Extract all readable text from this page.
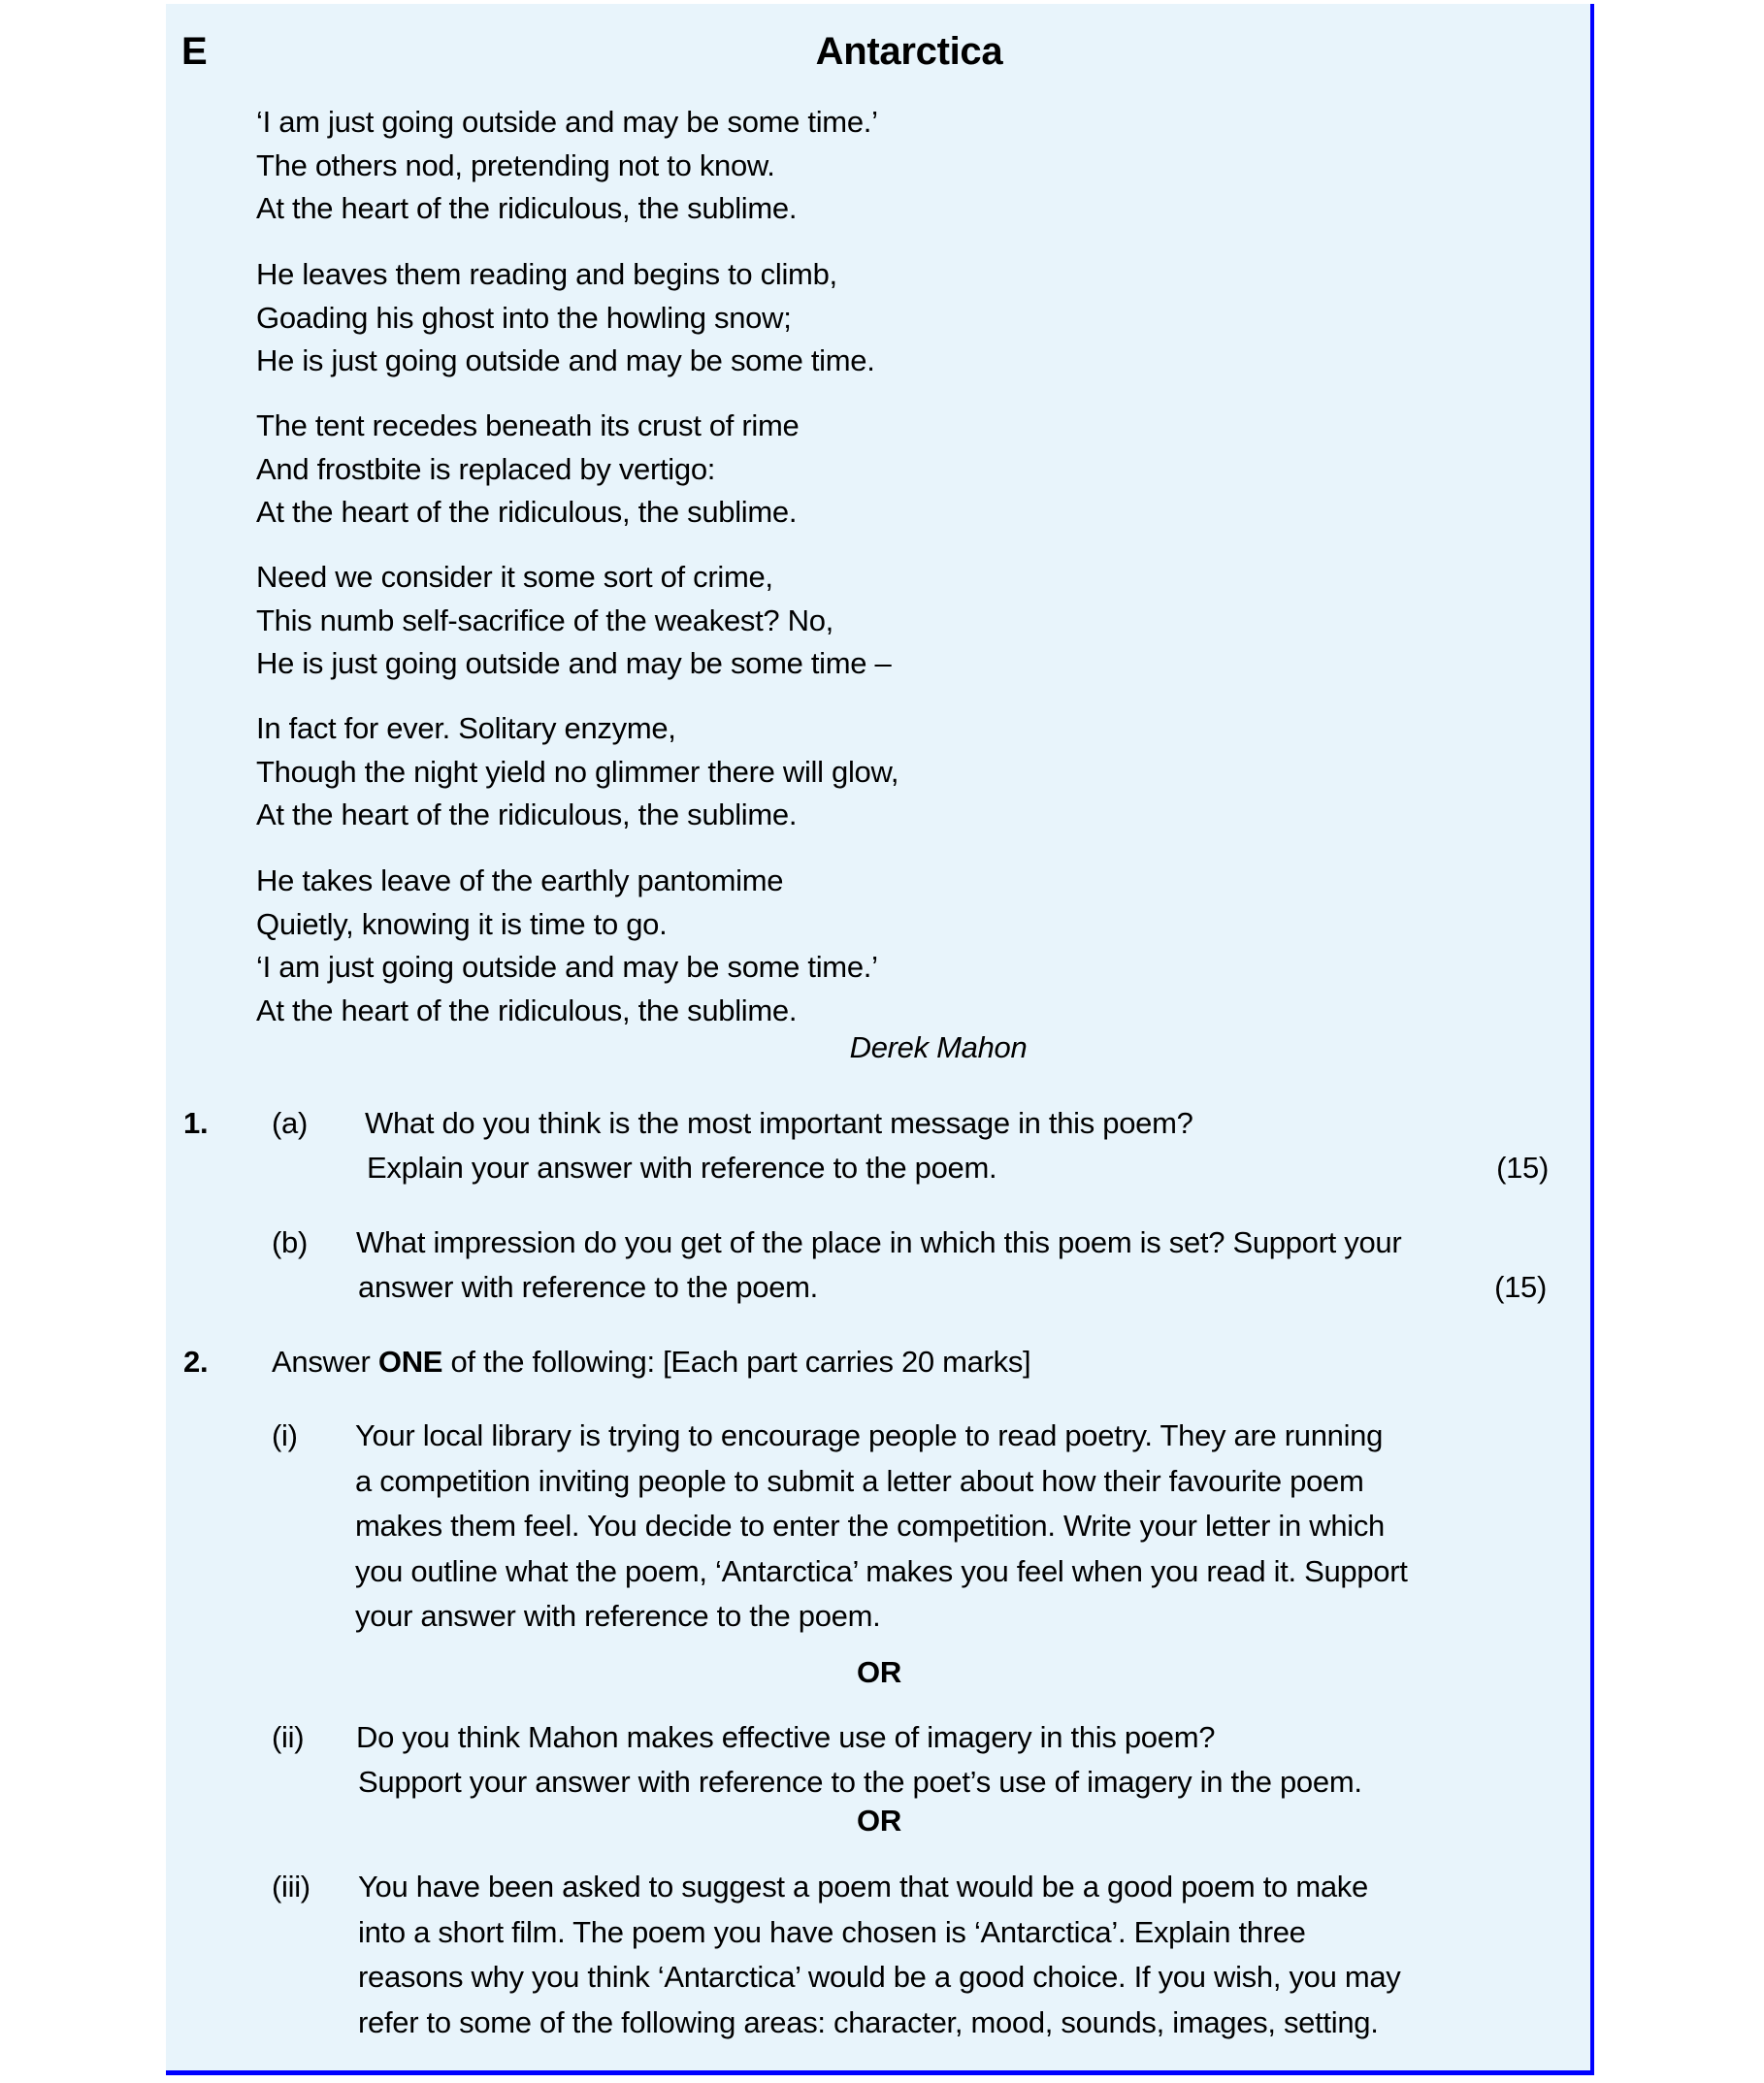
E	Antarctica
‘I am just going outside and may be some time.’
The others nod, pretending not to know.
At the heart of the ridiculous, the sublime.
He leaves them reading and begins to climb,
Goading his ghost into the howling snow;
He is just going outside and may be some time.
The tent recedes beneath its crust of rime
And frostbite is replaced by vertigo:
At the heart of the ridiculous, the sublime.
Need we consider it some sort of crime,
This numb self-sacrifice of the weakest? No,
He is just going outside and may be some time –
In fact for ever. Solitary enzyme,
Though the night yield no glimmer there will glow,
At the heart of the ridiculous, the sublime.
He takes leave of the earthly pantomime
Quietly, knowing it is time to go.
‘I am just going outside and may be some time.’
At the heart of the ridiculous, the sublime.
Derek Mahon
1. (a) What do you think is the most important message in this poem?
Explain your answer with reference to the poem.	(15)
(b) What impression do you get of the place in which this poem is set? Support your
answer with reference to the poem.	(15)
2. Answer ONE of the following: [Each part carries 20 marks]
(i) Your local library is trying to encourage people to read poetry. They are running
a competition inviting people to submit a letter about how their favourite poem
makes them feel. You decide to enter the competition. Write your letter in which
you outline what the poem, ‘Antarctica’ makes you feel when you read it. Support
your answer with reference to the poem.
OR
(ii) Do you think Mahon makes effective use of imagery in this poem?
Support your answer with reference to the poet’s use of imagery in the poem.
OR
(iii) You have been asked to suggest a poem that would be a good poem to make
into a short film. The poem you have chosen is ‘Antarctica’. Explain three
reasons why you think ‘Antarctica’ would be a good choice. If you wish, you may
refer to some of the following areas: character, mood, sounds, images, setting.
